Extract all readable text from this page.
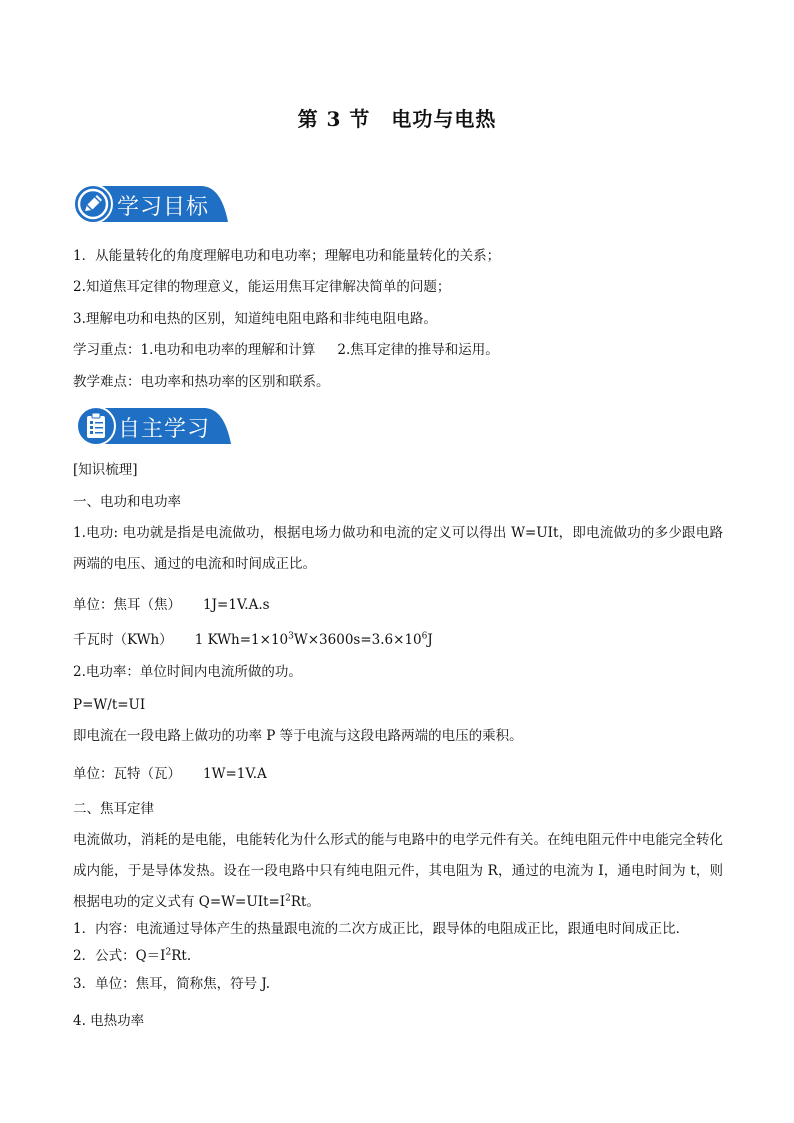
第 3 节　电功与电热
学习目标
1．从能量转化的角度理解电功和电功率；理解电功和能量转化的关系；
2.知道焦耳定律的物理意义，能运用焦耳定律解决简单的问题；
3.理解电功和电热的区别，知道纯电阻电路和非纯电阻电路。
学习重点：1.电功和电功率的理解和计算 2.焦耳定律的推导和运用。
教学难点：电功率和热功率的区别和联系。
自主学习
[知识梳理]
一、电功和电功率
1.电功: 电功就是指是电流做功，根据电场力做功和电流的定义可以得出 W=UIt，即电流做功的多少跟电路两端的电压、通过的电流和时间成正比。
单位：焦耳（焦） 1J=1V.A.s
千瓦时（KWh） 1 $KWh=1\times 10^3W\times 3600s=3.6\times 10^6J$
2.电功率：单位时间内电流所做的功。
P=W/t=UI
即电流在一段电路上做功的功率 P 等于电流与这段电路两端的电压的乘积。
单位：瓦特（瓦） 1W=1V.A
二、焦耳定律
电流做功，消耗的是电能，电能转化为什么形式的能与电路中的电学元件有关。在纯电阻元件中电能完全转化成内能，于是导体发热。设在一段电路中只有纯电阻元件，其电阻为 R，通过的电流为 I，通电时间为 t，则根据电功的定义式有 $Q=W=UIt=I^2Rt$。
1．内容：电流通过导体产生的热量跟电流的二次方成正比，跟导体的电阻成正比，跟通电时间成正比．
2．公式：$Q=I^2Rt$.
3．单位：焦耳，简称焦，符号 J.
4. 电热功率
